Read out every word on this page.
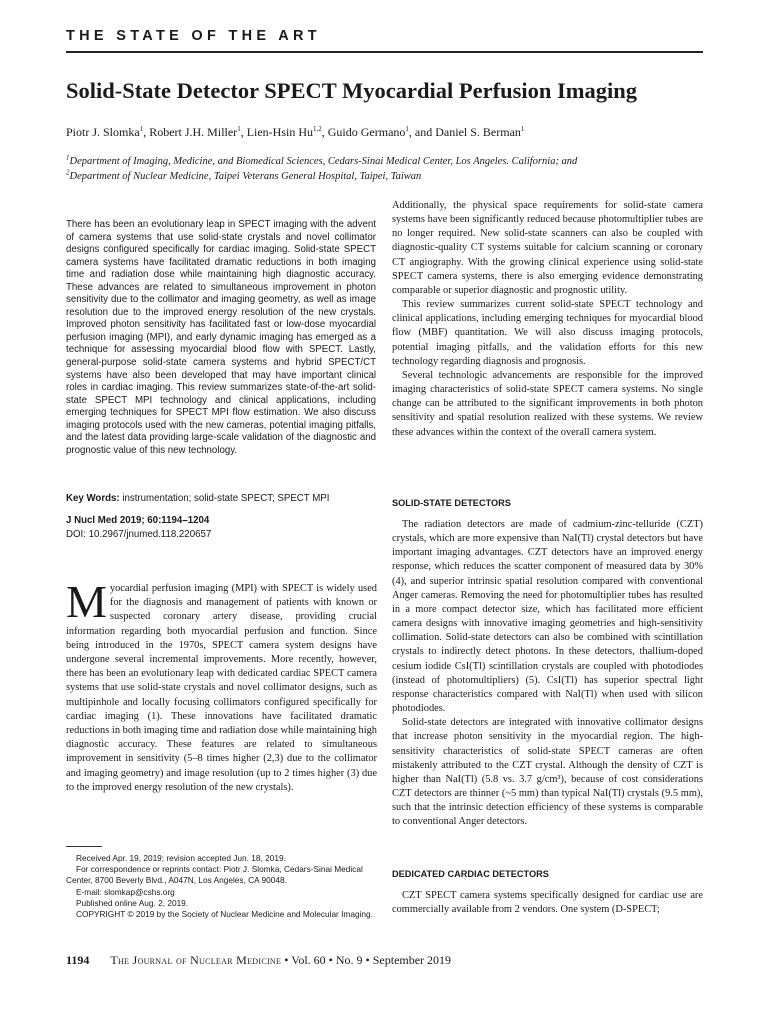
THE STATE OF THE ART
Solid-State Detector SPECT Myocardial Perfusion Imaging
Piotr J. Slomka$^1$, Robert J.H. Miller$^1$, Lien-Hsin Hu$^{1,2}$, Guido Germano$^1$, and Daniel S. Berman$^1$
$^1$Department of Imaging, Medicine, and Biomedical Sciences, Cedars-Sinai Medical Center, Los Angeles. California; and
$^2$Department of Nuclear Medicine, Taipei Veterans General Hospital, Taipei, Taiwan
There has been an evolutionary leap in SPECT imaging with the advent of camera systems that use solid-state crystals and novel collimator designs configured specifically for cardiac imaging. Solid-state SPECT camera systems have facilitated dramatic reductions in both imaging time and radiation dose while maintaining high diagnostic accuracy. These advances are related to simultaneous improvement in photon sensitivity due to the collimator and imaging geometry, as well as image resolution due to the improved energy resolution of the new crystals. Improved photon sensitivity has facilitated fast or low-dose myocardial perfusion imaging (MPI), and early dynamic imaging has emerged as a technique for assessing myocardial blood flow with SPECT. Lastly, general-purpose solid-state camera systems and hybrid SPECT/CT systems have also been developed that may have important clinical roles in cardiac imaging. This review summarizes state-of-the-art solid-state SPECT MPI technology and clinical applications, including emerging techniques for SPECT MPI flow estimation. We also discuss imaging protocols used with the new cameras, potential imaging pitfalls, and the latest data providing large-scale validation of the diagnostic and prognostic value of this new technology.
Key Words: instrumentation; solid-state SPECT; SPECT MPI
J Nucl Med 2019; 60:1194–1204
DOI: 10.2967/jnumed.118.220657
Myocardial perfusion imaging (MPI) with SPECT is widely used for the diagnosis and management of patients with known or suspected coronary artery disease, providing crucial information regarding both myocardial perfusion and function. Since being introduced in the 1970s, SPECT camera system designs have undergone several incremental improvements. More recently, however, there has been an evolutionary leap with dedicated cardiac SPECT camera systems that use solid-state crystals and novel collimator designs, such as multipinhole and locally focusing collimators configured specifically for cardiac imaging (1). These innovations have facilitated dramatic reductions in both imaging time and radiation dose while maintaining high diagnostic accuracy. These features are related to simultaneous improvement in sensitivity (5–8 times higher (2,3) due to the collimator and imaging geometry) and image resolution (up to 2 times higher (3) due to the improved energy resolution of the new crystals).

Received Apr. 19, 2019; revision accepted Jun. 18, 2019.

For correspondence or reprints contact: Piotr J. Slomka, Cedars-Sinai Medical Center, 8700 Beverly Blvd., A047N, Los Angeles, CA 90048.

E-mail: slomkap@cshs.org

Published online Aug. 2, 2019.

COPYRIGHT © 2019 by the Society of Nuclear Medicine and Molecular Imaging.

Additionally, the physical space requirements for solid-state camera systems have been significantly reduced because photomultiplier tubes are no longer required. New solid-state scanners can also be coupled with diagnostic-quality CT systems suitable for calcium scanning or coronary CT angiography. With the growing clinical experience using solid-state SPECT camera systems, there is also emerging evidence demonstrating comparable or superior diagnostic and prognostic utility.

This review summarizes current solid-state SPECT technology and clinical applications, including emerging techniques for myocardial blood flow (MBF) quantitation. We will also discuss imaging protocols, potential imaging pitfalls, and the validation efforts for this new technology regarding diagnosis and prognosis.

Several technologic advancements are responsible for the improved imaging characteristics of solid-state SPECT camera systems. No single change can be attributed to the significant improvements in both photon sensitivity and spatial resolution realized with these systems. We review these advances within the context of the overall camera system.

SOLID-STATE DETECTORS

The radiation detectors are made of cadmium-zinc-telluride (CZT) crystals, which are more expensive than NaI(Tl) crystal detectors but have important imaging advantages. CZT detectors have an improved energy response, which reduces the scatter component of measured data by 30% (4), and superior intrinsic spatial resolution compared with conventional Anger cameras. Removing the need for photomultiplier tubes has resulted in a more compact detector size, which has facilitated more efficient camera designs with innovative imaging geometries and high-sensitivity collimation. Solid-state detectors can also be combined with scintillation crystals to indirectly detect photons. In these detectors, thallium-doped cesium iodide CsI(Tl) scintillation crystals are coupled with photodiodes (instead of photomultipliers) (5). CsI(Tl) has superior spectral light response characteristics compared with NaI(Tl) when used with silicon photodiodes.

Solid-state detectors are integrated with innovative collimator designs that increase photon sensitivity in the myocardial region. The high-sensitivity characteristics of solid-state SPECT cameras are often mistakenly attributed to the CZT crystal. Although the density of CZT is higher than NaI(Tl) (5.8 vs. 3.7 g/cm³), because of cost considerations CZT detectors are thinner (~5 mm) than typical NaI(Tl) crystals (9.5 mm), such that the intrinsic detection efficiency of these systems is comparable to conventional Anger detectors.

DEDICATED CARDIAC DETECTORS

CZT SPECT camera systems specifically designed for cardiac use are commercially available from 2 vendors. One system (D-SPECT;

1194 The Journal of Nuclear Medicine • Vol. 60 • No. 9 • September 2019
